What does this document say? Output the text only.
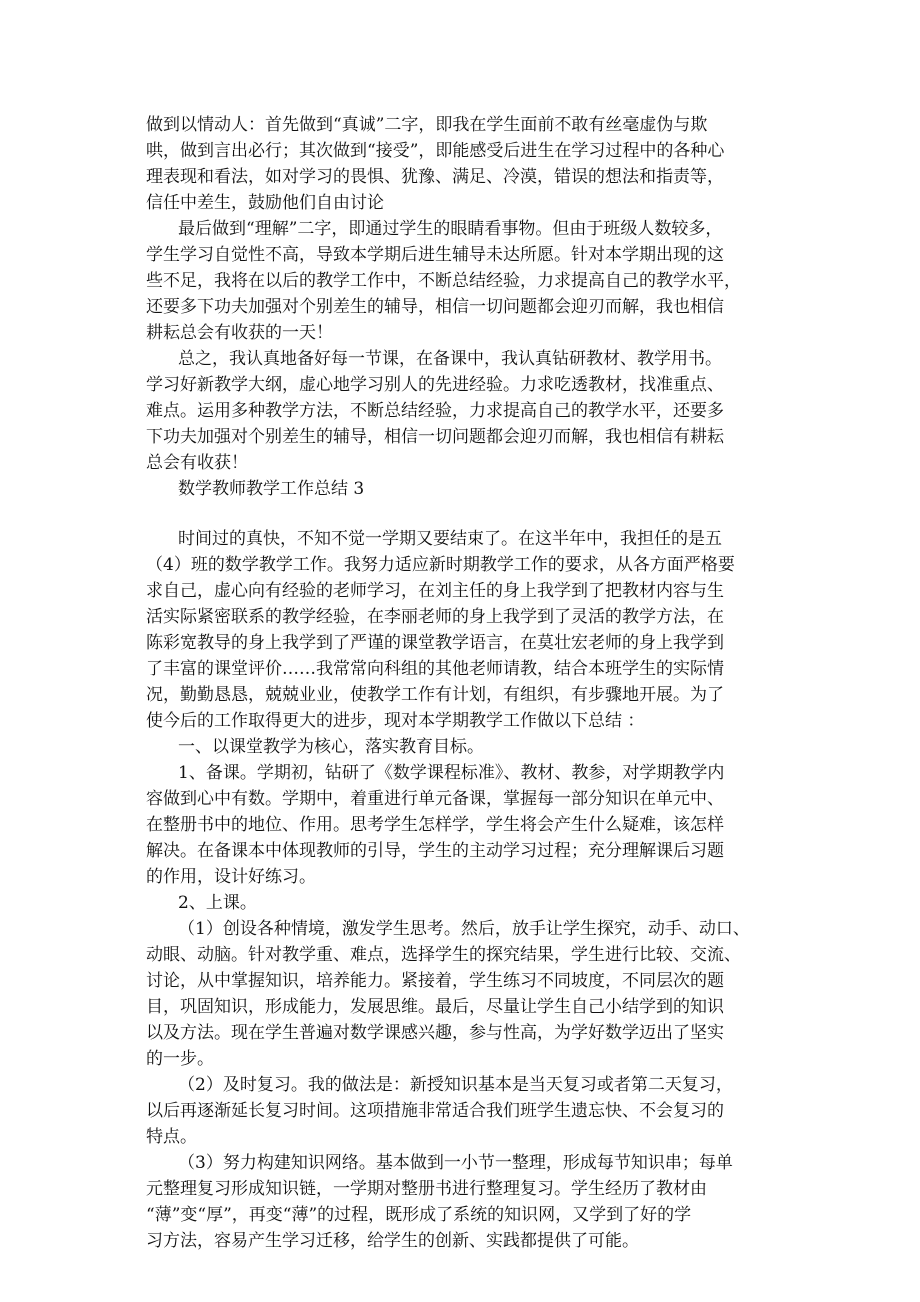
做到以情动人：首先做到“真诚”二字，即我在学生面前不敢有丝毫虚伪与欺
哄，做到言出必行；其次做到“接受”，即能感受后进生在学习过程中的各种心
理表现和看法，如对学习的畏惧、犹豫、满足、冷漠，错误的想法和指责等，
信任中差生，鼓励他们自由讨论
最后做到“理解”二字，即通过学生的眼睛看事物。但由于班级人数较多，
学生学习自觉性不高，导致本学期后进生辅导未达所愿。针对本学期出现的这
些不足，我将在以后的教学工作中，不断总结经验，力求提高自己的教学水平，
还要多下功夫加强对个别差生的辅导，相信一切问题都会迎刃而解，我也相信
耕耘总会有收获的一天！
总之，我认真地备好每一节课，在备课中，我认真钻研教材、教学用书。
学习好新教学大纲，虚心地学习别人的先进经验。力求吃透教材，找准重点、
难点。运用多种教学方法，不断总结经验，力求提高自己的教学水平，还要多
下功夫加强对个别差生的辅导，相信一切问题都会迎刃而解，我也相信有耕耘
总会有收获！
数学教师教学工作总结 3
时间过的真快，不知不觉一学期又要结束了。在这半年中，我担任的是五
（4）班的数学教学工作。我努力适应新时期教学工作的要求，从各方面严格要
求自己，虚心向有经验的老师学习，在刘主任的身上我学到了把教材内容与生
活实际紧密联系的教学经验，在李丽老师的身上我学到了灵活的教学方法，在
陈彩宽教导的身上我学到了严谨的课堂教学语言，在莫壮宏老师的身上我学到
了丰富的课堂评价……我常常向科组的其他老师请教，结合本班学生的实际情
况，勤勤恳恳，兢兢业业，使教学工作有计划，有组织，有步骤地开展。为了
使今后的工作取得更大的进步，现对本学期教学工作做以下总结 ：
一、以课堂教学为核心，落实教育目标。
1、备课。学期初，钻研了《数学课程标准》、教材、教参，对学期教学内
容做到心中有数。学期中，着重进行单元备课，掌握每一部分知识在单元中、
在整册书中的地位、作用。思考学生怎样学，学生将会产生什么疑难，该怎样
解决。在备课本中体现教师的引导，学生的主动学习过程；充分理解课后习题
的作用，设计好练习。
2、上课。
（1）创设各种情境，激发学生思考。然后，放手让学生探究，动手、动口、
动眼、动脑。针对教学重、难点，选择学生的探究结果，学生进行比较、交流、
讨论，从中掌握知识，培养能力。紧接着，学生练习不同坡度，不同层次的题
目，巩固知识，形成能力，发展思维。最后，尽量让学生自己小结学到的知识
以及方法。现在学生普遍对数学课感兴趣，参与性高，为学好数学迈出了坚实
的一步。
（2）及时复习。我的做法是：新授知识基本是当天复习或者第二天复习，
以后再逐渐延长复习时间。这项措施非常适合我们班学生遗忘快、不会复习的
特点。
（3）努力构建知识网络。基本做到一小节一整理，形成每节知识串；每单
元整理复习形成知识链，一学期对整册书进行整理复习。学生经历了教材由
“薄”变“厚”，再变“薄”的过程，既形成了系统的知识网，又学到了好的学
习方法，容易产生学习迁移，给学生的创新、实践都提供了可能。
